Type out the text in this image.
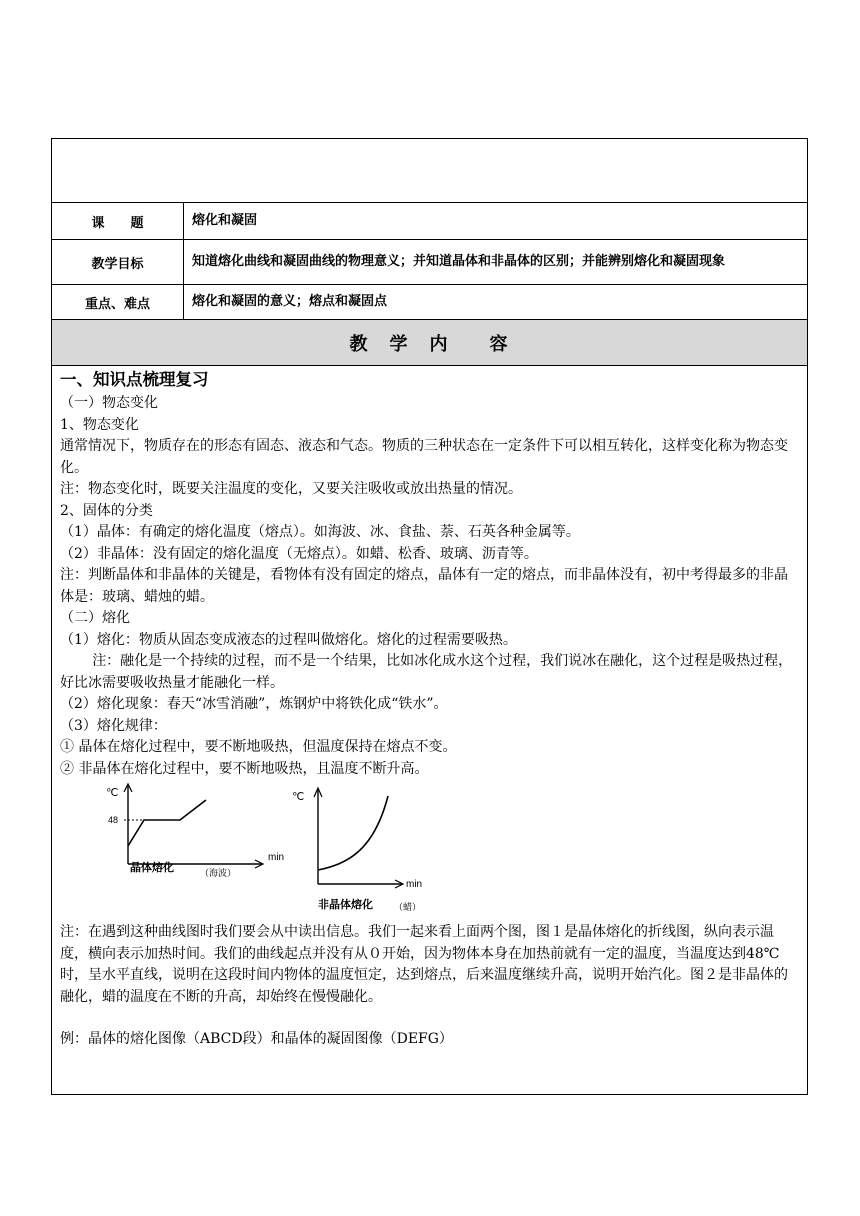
课　　题	熔化和凝固
教学目标	知道熔化曲线和凝固曲线的物理意义；并知道晶体和非晶体的区别；并能辨别熔化和凝固现象
重点、难点	熔化和凝固的意义；熔点和凝固点
教　学　内　　容

一、知识点梳理复习

（一）物态变化

1、物态变化

通常情况下，物质存在的形态有固态、液态和气态。物质的三种状态在一定条件下可以相互转化，这样变化称为物态变化。

注：物态变化时，既要关注温度的变化，又要关注吸收或放出热量的情况。

2、固体的分类

（1）晶体：有确定的熔化温度（熔点）。如海波、冰、食盐、萘、石英各种金属等。

（2）非晶体：没有固定的熔化温度（无熔点）。如蜡、松香、玻璃、沥青等。

注：判断晶体和非晶体的关键是，看物体有没有固定的熔点，晶体有一定的熔点，而非晶体没有，初中考得最多的非晶体是：玻璃、蜡烛的蜡。

（二）熔化

（1）熔化：物质从固态变成液态的过程叫做熔化。熔化的过程需要吸热。

注：融化是一个持续的过程，而不是一个结果，比如冰化成水这个过程，我们说冰在融化，这个过程是吸热过程，好比冰需要吸收热量才能融化一样。

（2）熔化现象：春天“冰雪消融”，炼钢炉中将铁化成“铁水”。

（3）熔化规律：

① 晶体在熔化过程中，要不断地吸热，但温度保持在熔点不变。

② 非晶体在熔化过程中，要不断地吸热，且温度不断升高。

℃
48
min
晶体熔化	（海波）
℃
min
非晶体熔化 （蜡）

注：在遇到这种曲线图时我们要会从中读出信息。我们一起来看上面两个图，图１是晶体熔化的折线图，纵向表示温度，横向表示加热时间。我们的曲线起点并没有从０开始，因为物体本身在加热前就有一定的温度，当温度达到48℃时，呈水平直线，说明在这段时间内物体的温度恒定，达到熔点，后来温度继续升高，说明开始汽化。图２是非晶体的融化，蜡的温度在不断的升高，却始终在慢慢融化。

例：晶体的熔化图像（ABCD段）和晶体的凝固图像（DEFG）
